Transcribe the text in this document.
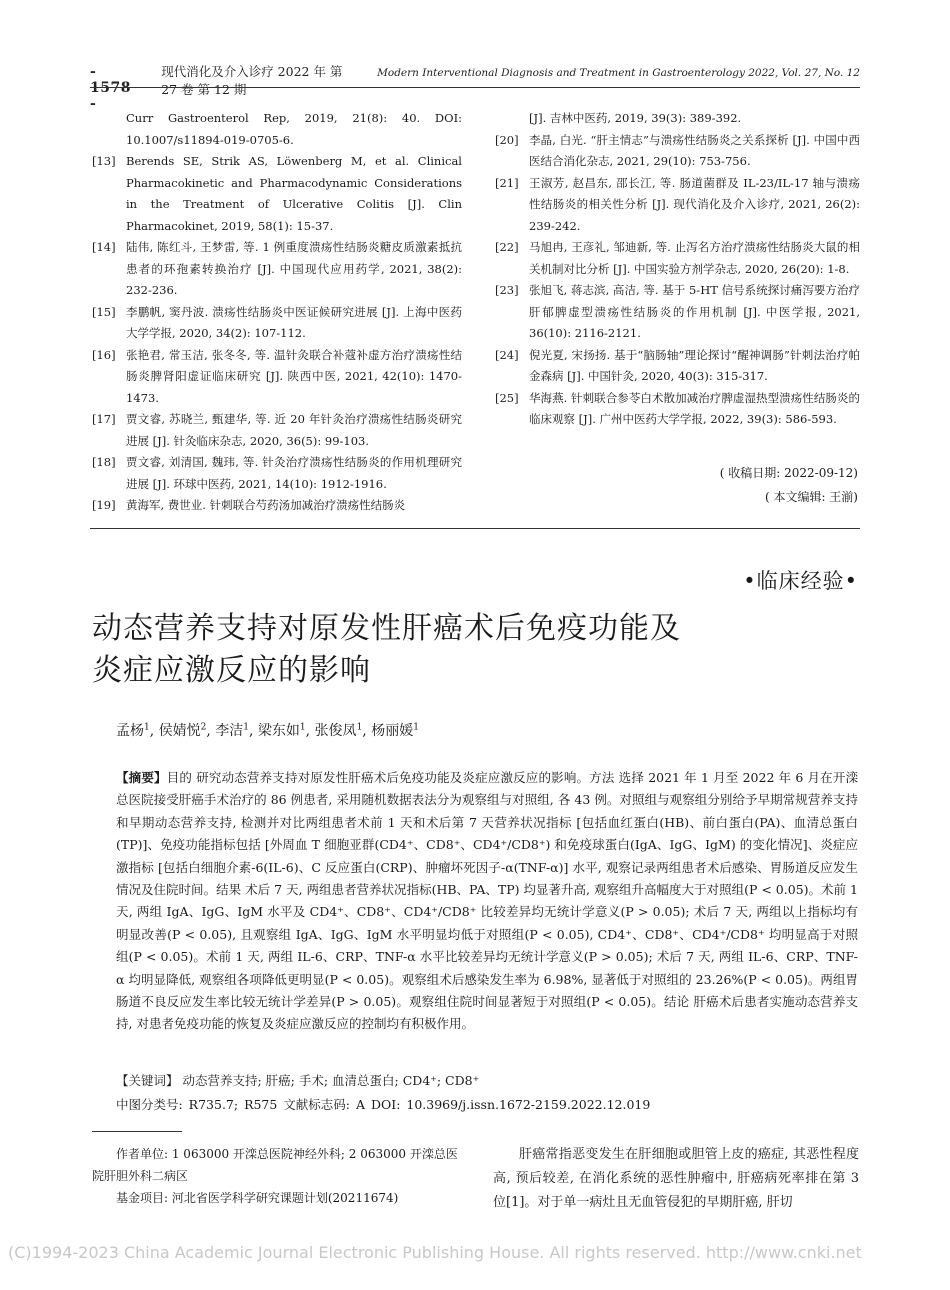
- 1578 -
现代消化及介入诊疗 2022 年 第 27 卷 第 12 期
Modern Interventional Diagnosis and Treatment in Gastroenterology 2022, Vol. 27, No. 12
Curr Gastroenterol Rep, 2019, 21(8): 40. DOI: 10.1007/s11894-019-0705-6.
[13] Berends SE, Strik AS, Löwenberg M, et al. Clinical Pharmacokinetic and Pharmacodynamic Considerations in the Treatment of Ulcerative Colitis [J]. Clin Pharmacokinet, 2019, 58(1): 15-37.
[14] 陆伟, 陈红斗, 王梦雷, 等. 1 例重度溃疡性结肠炎糖皮质激素抵抗患者的环孢素转换治疗 [J]. 中国现代应用药学, 2021, 38(2): 232-236.
[15] 李鹏帆, 窦丹波. 溃疡性结肠炎中医证候研究进展 [J]. 上海中医药大学学报, 2020, 34(2): 107-112.
[16] 张艳君, 常玉洁, 张冬冬, 等. 温针灸联合补蔻补虚方治疗溃疡性结肠炎脾肾阳虚证临床研究 [J]. 陕西中医, 2021, 42(10): 1470-1473.
[17] 贾文睿, 苏晓兰, 甄建华, 等. 近 20 年针灸治疗溃疡性结肠炎研究进展 [J]. 针灸临床杂志, 2020, 36(5): 99-103.
[18] 贾文睿, 刘清国, 魏玮, 等. 针灸治疗溃疡性结肠炎的作用机理研究进展 [J]. 环球中医药, 2021, 14(10): 1912-1916.
[19] 黄海军, 费世业. 针刺联合芍药汤加减治疗溃疡性结肠炎
[J]. 吉林中医药, 2019, 39(3): 389-392.
[20] 李晶, 白光. “肝主情志”与溃疡性结肠炎之关系探析 [J]. 中国中西医结合消化杂志, 2021, 29(10): 753-756.
[21] 王淑芳, 赵昌东, 邵长江, 等. 肠道菌群及 IL-23/IL-17 轴与溃疡性结肠炎的相关性分析 [J]. 现代消化及介入诊疗, 2021, 26(2): 239-242.
[22] 马旭冉, 王彦礼, 邹迪新, 等. 止泻名方治疗溃疡性结肠炎大鼠的相关机制对比分析 [J]. 中国实验方剂学杂志, 2020, 26(20): 1-8.
[23] 张旭飞, 蒋志滨, 高洁, 等. 基于 5-HT 信号系统探讨痛泻要方治疗肝郁脾虚型溃疡性结肠炎的作用机制 [J]. 中医学报, 2021, 36(10): 2116-2121.
[24] 倪光夏, 宋扬扬. 基于“脑肠轴”理论探讨“醒神调肠”针刺法治疗帕金森病 [J]. 中国针灸, 2020, 40(3): 315-317.
[25] 华海燕. 针刺联合参苓白术散加减治疗脾虚湿热型溃疡性结肠炎的临床观察 [J]. 广州中医药大学学报, 2022, 39(3): 586-593.
( 收稿日期: 2022-09-12)
( 本文编辑: 王湔)
•临床经验•
动态营养支持对原发性肝癌术后免疫功能及
炎症应激反应的影响
孟杨$^1$, 侯婧悦$^2$, 李洁$^1$, 梁东如$^1$, 张俊凤$^1$, 杨丽媛$^1$
【摘要】目的 研究动态营养支持对原发性肝癌术后免疫功能及炎症应激反应的影响。方法 选择 2021 年 1 月至 2022 年 6 月在开滦总医院接受肝癌手术治疗的 86 例患者, 采用随机数据表法分为观察组与对照组, 各 43 例。对照组与观察组分别给予早期常规营养支持和早期动态营养支持, 检测并对比两组患者术前 1 天和术后第 7 天营养状况指标 [包括血红蛋白(HB)、前白蛋白(PA)、血清总蛋白(TP)]、免疫功能指标包括 [外周血 T 细胞亚群(CD4⁺、CD8⁺、CD4⁺/CD8⁺) 和免疫球蛋白(IgA、IgG、IgM) 的变化情况]、炎症应激指标 [包括白细胞介素-6(IL-6)、C 反应蛋白(CRP)、肿瘤坏死因子-α(TNF-α)] 水平, 观察记录两组患者术后感染、胃肠道反应发生情况及住院时间。结果 术后 7 天, 两组患者营养状况指标(HB、PA、TP) 均显著升高, 观察组升高幅度大于对照组(P < 0.05)。术前 1 天, 两组 IgA、IgG、IgM 水平及 CD4⁺、CD8⁺、CD4⁺/CD8⁺ 比较差异均无统计学意义(P > 0.05); 术后 7 天, 两组以上指标均有明显改善(P < 0.05), 且观察组 IgA、IgG、IgM 水平明显均低于对照组(P < 0.05), CD4⁺、CD8⁺、CD4⁺/CD8⁺ 均明显高于对照组(P < 0.05)。术前 1 天, 两组 IL-6、CRP、TNF-α 水平比较差异均无统计学意义(P > 0.05); 术后 7 天, 两组 IL-6、CRP、TNF-α 均明显降低, 观察组各项降低更明显(P < 0.05)。观察组术后感染发生率为 6.98%, 显著低于对照组的 23.26%(P < 0.05)。两组胃肠道不良反应发生率比较无统计学差异(P > 0.05)。观察组住院时间显著短于对照组(P < 0.05)。结论 肝癌术后患者实施动态营养支持, 对患者免疫功能的恢复及炎症应激反应的控制均有积极作用。
【关键词】 动态营养支持; 肝癌; 手术; 血清总蛋白; CD4⁺; CD8⁺
中图分类号: R735.7; R575 文献标志码: A DOI: 10.3969/j.issn.1672-2159.2022.12.019
作者单位: 1 063000 开滦总医院神经外科; 2 063000 开滦总医院肝胆外科二病区
基金项目: 河北省医学科学研究课题计划(20211674)
肝癌常指恶变发生在肝细胞或胆管上皮的癌症, 其恶性程度高, 预后较差, 在消化系统的恶性肿瘤中, 肝癌病死率排在第 3 位[1]。对于单一病灶且无血管侵犯的早期肝癌, 肝切
(C)1994-2023 China Academic Journal Electronic Publishing House. All rights reserved. http://www.cnki.net
